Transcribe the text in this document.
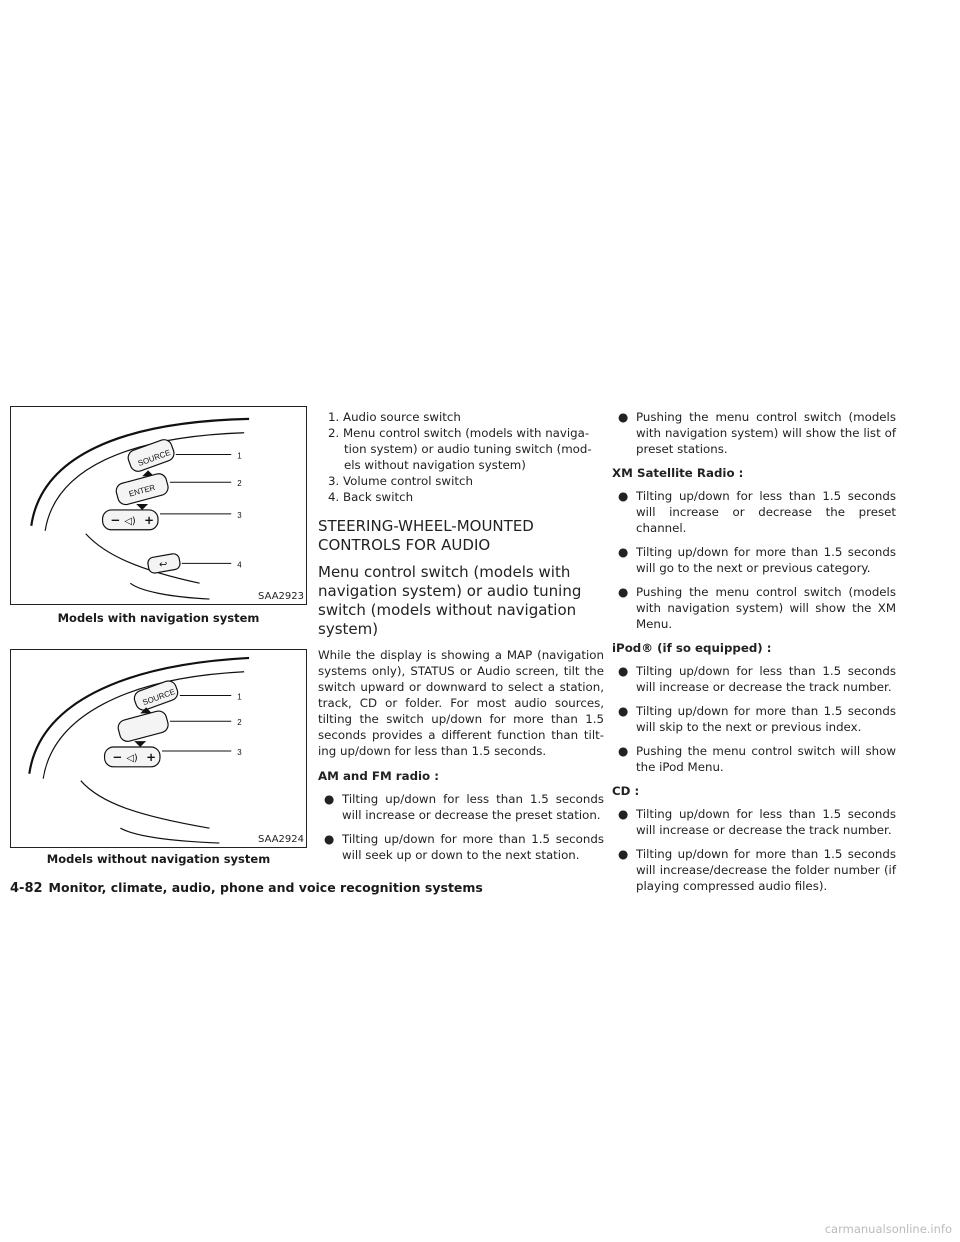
SOURCE
ENTER
− ◁) +
↩
1
2
3
4
SAA2923
Models with navigation system
SOURCE
− ◁) +
1
2
3
SAA2924
Models without navigation system
1. Audio source switch
2. Menu control switch (models with naviga-tion system) or audio tuning switch (mod-els without navigation system)
3. Volume control switch
4. Back switch
STEERING-WHEEL-MOUNTED CONTROLS FOR AUDIO
Menu control switch (models with navigation system) or audio tuning switch (models without navigation system)

While the display is showing a MAP (navigation systems only), STATUS or Audio screen, tilt the switch upward or downward to select a station, track, CD or folder. For most audio sources, tilting the switch up/down for more than 1.5 seconds provides a different function than tilt-ing up/down for less than 1.5 seconds.

AM and FM radio :

● Tilting up/down for less than 1.5 seconds will increase or decrease the preset station.
● Tilting up/down for more than 1.5 seconds will seek up or down to the next station.
● Pushing the menu control switch (models with navigation system) will show the list of preset stations.

XM Satellite Radio :

● Tilting up/down for less than 1.5 seconds will increase or decrease the preset channel.
● Tilting up/down for more than 1.5 seconds will go to the next or previous category.
● Pushing the menu control switch (models with navigation system) will show the XM Menu.

iPod® (if so equipped) :

● Tilting up/down for less than 1.5 seconds will increase or decrease the track number.
● Tilting up/down for more than 1.5 seconds will skip to the next or previous index.
● Pushing the menu control switch will show the iPod Menu.

CD :

● Tilting up/down for less than 1.5 seconds will increase or decrease the track number.
● Tilting up/down for more than 1.5 seconds will increase/decrease the folder number (if playing compressed audio files).
4-82 Monitor, climate, audio, phone and voice recognition systems
carmanualsonline.info
